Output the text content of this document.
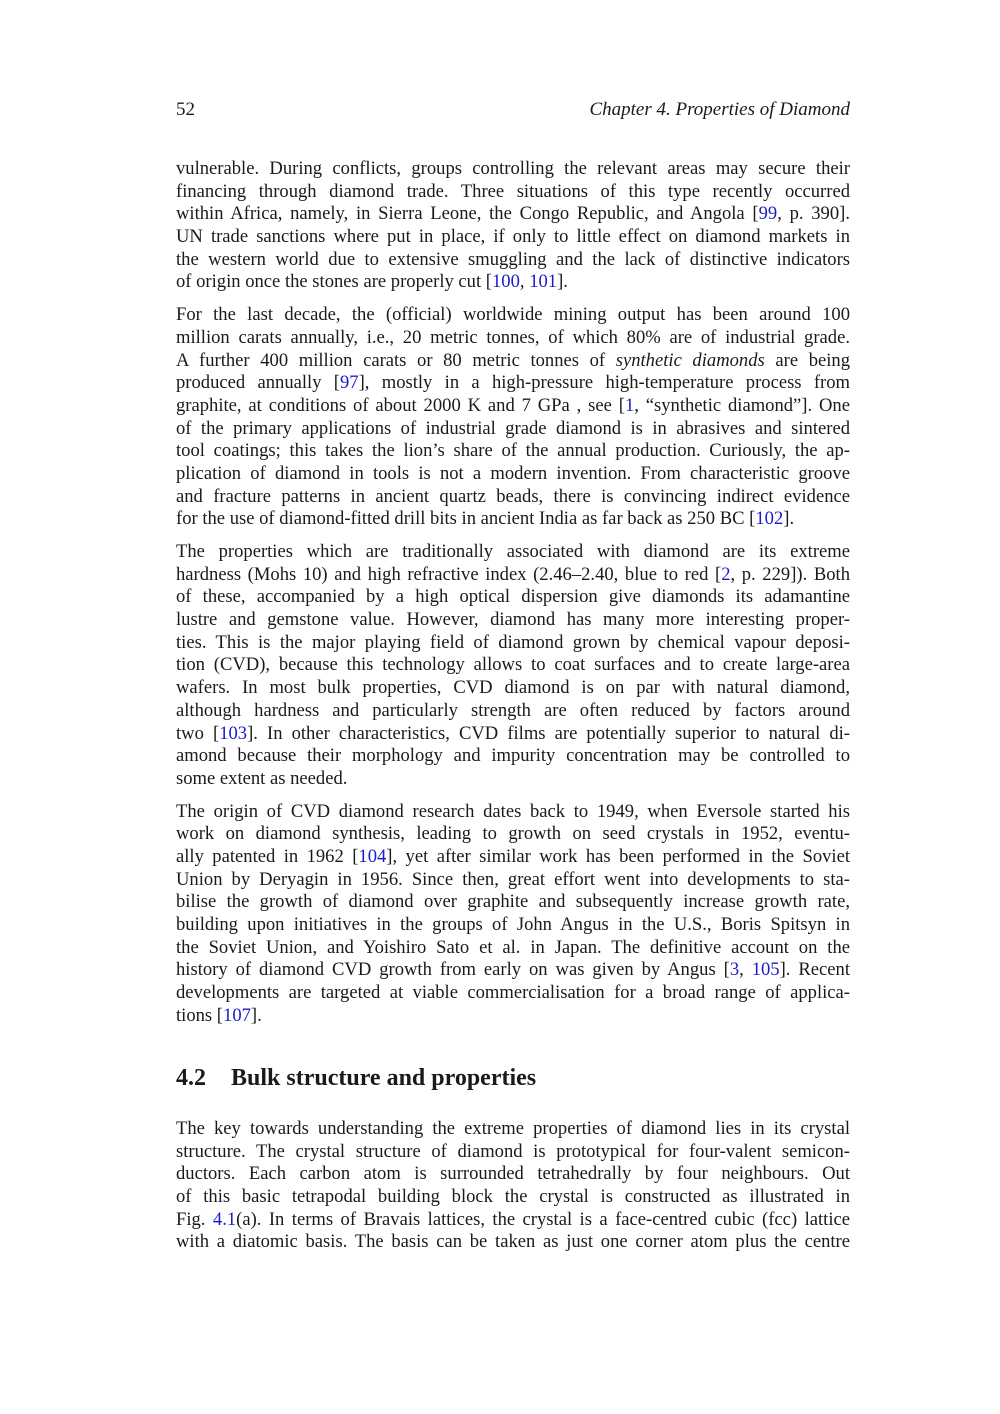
52	Chapter 4. Properties of Diamond
vulnerable. During conflicts, groups controlling the relevant areas may secure their
financing through diamond trade. Three situations of this type recently occurred
within Africa, namely, in Sierra Leone, the Congo Republic, and Angola [99, p. 390].
UN trade sanctions where put in place, if only to little effect on diamond markets in
the western world due to extensive smuggling and the lack of distinctive indicators
of origin once the stones are properly cut [100, 101].
For the last decade, the (official) worldwide mining output has been around 100
million carats annually, i.e., 20 metric tonnes, of which 80% are of industrial grade.
A further 400 million carats or 80 metric tonnes of synthetic diamonds are being
produced annually [97], mostly in a high-pressure high-temperature process from
graphite, at conditions of about 2000 K and 7 GPa , see [1, “synthetic diamond”]. One
of the primary applications of industrial grade diamond is in abrasives and sintered
tool coatings; this takes the lion’s share of the annual production. Curiously, the ap-
plication of diamond in tools is not a modern invention. From characteristic groove
and fracture patterns in ancient quartz beads, there is convincing indirect evidence
for the use of diamond-fitted drill bits in ancient India as far back as 250 BC [102].
The properties which are traditionally associated with diamond are its extreme
hardness (Mohs 10) and high refractive index (2.46–2.40, blue to red [2, p. 229]). Both
of these, accompanied by a high optical dispersion give diamonds its adamantine
lustre and gemstone value. However, diamond has many more interesting proper-
ties. This is the major playing field of diamond grown by chemical vapour deposi-
tion (CVD), because this technology allows to coat surfaces and to create large-area
wafers. In most bulk properties, CVD diamond is on par with natural diamond,
although hardness and particularly strength are often reduced by factors around
two [103]. In other characteristics, CVD films are potentially superior to natural di-
amond because their morphology and impurity concentration may be controlled to
some extent as needed.
The origin of CVD diamond research dates back to 1949, when Eversole started his
work on diamond synthesis, leading to growth on seed crystals in 1952, eventu-
ally patented in 1962 [104], yet after similar work has been performed in the Soviet
Union by Deryagin in 1956. Since then, great effort went into developments to sta-
bilise the growth of diamond over graphite and subsequently increase growth rate,
building upon initiatives in the groups of John Angus in the U.S., Boris Spitsyn in
the Soviet Union, and Yoishiro Sato et al. in Japan. The definitive account on the
history of diamond CVD growth from early on was given by Angus [3, 105]. Recent
developments are targeted at viable commercialisation for a broad range of applica-
tions [107].
4.2 Bulk structure and properties
The key towards understanding the extreme properties of diamond lies in its crystal
structure. The crystal structure of diamond is prototypical for four-valent semicon-
ductors. Each carbon atom is surrounded tetrahedrally by four neighbours. Out
of this basic tetrapodal building block the crystal is constructed as illustrated in
Fig. 4.1(a). In terms of Bravais lattices, the crystal is a face-centred cubic (fcc) lattice
with a diatomic basis. The basis can be taken as just one corner atom plus the centre
